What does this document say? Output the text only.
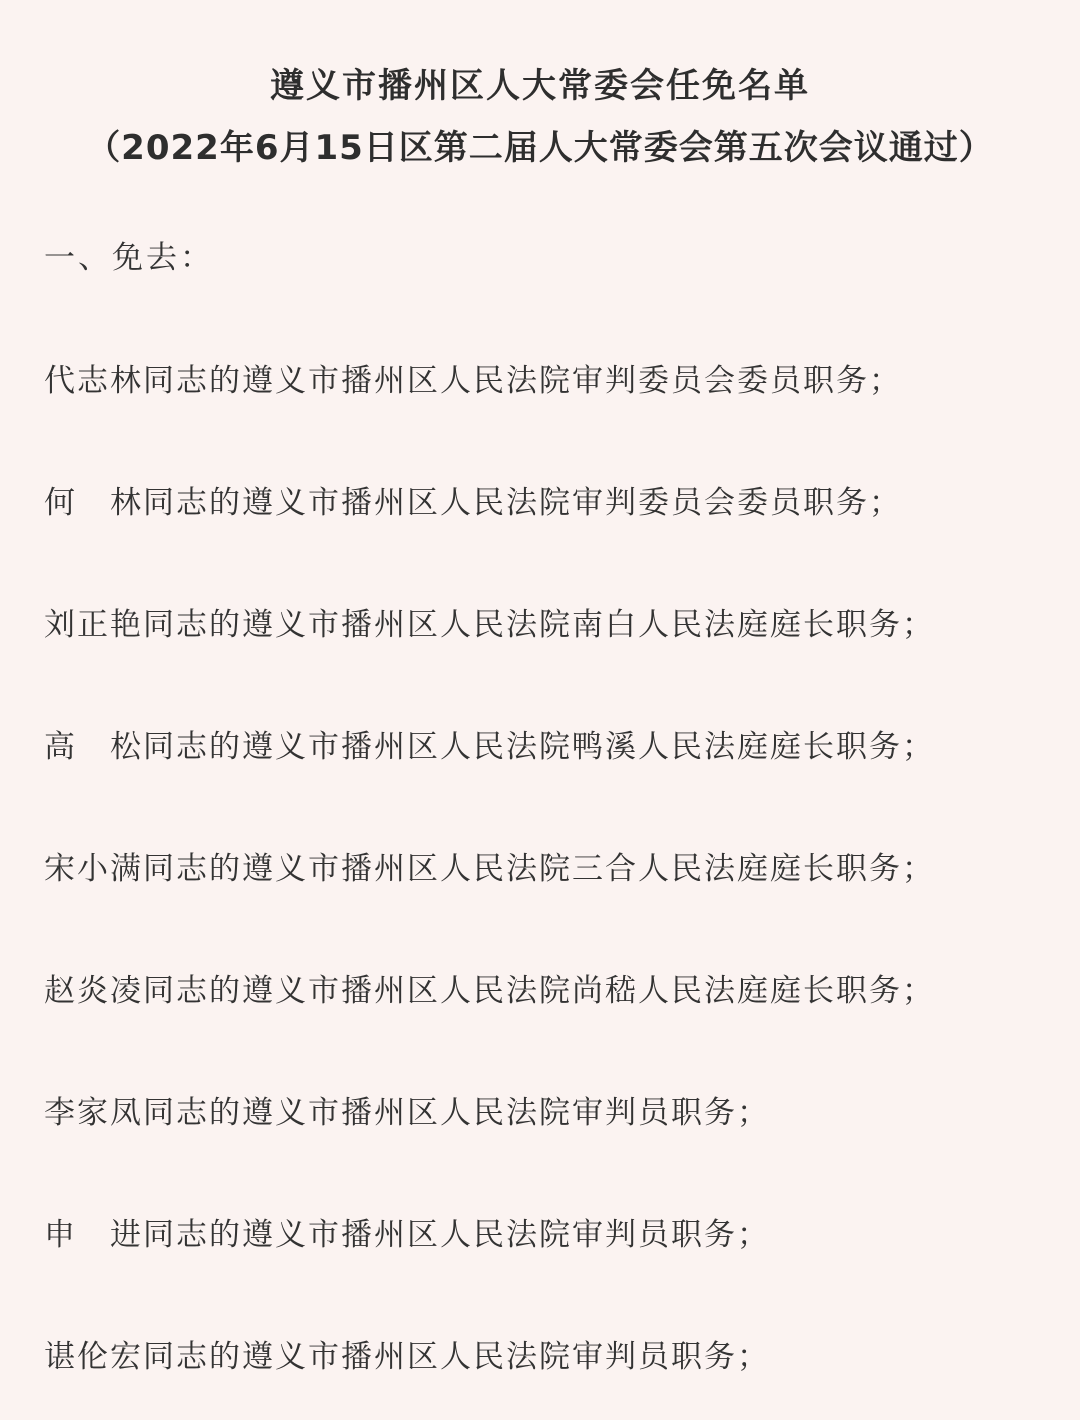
遵义市播州区人大常委会任免名单
（2022年6月15日区第二届人大常委会第五次会议通过）
一、免去：
代志林同志的遵义市播州区人民法院审判委员会委员职务；
何　林同志的遵义市播州区人民法院审判委员会委员职务；
刘正艳同志的遵义市播州区人民法院南白人民法庭庭长职务；
高　松同志的遵义市播州区人民法院鸭溪人民法庭庭长职务；
宋小满同志的遵义市播州区人民法院三合人民法庭庭长职务；
赵炎凌同志的遵义市播州区人民法院尚嵇人民法庭庭长职务；
李家凤同志的遵义市播州区人民法院审判员职务；
申　进同志的遵义市播州区人民法院审判员职务；
谌伦宏同志的遵义市播州区人民法院审判员职务；
